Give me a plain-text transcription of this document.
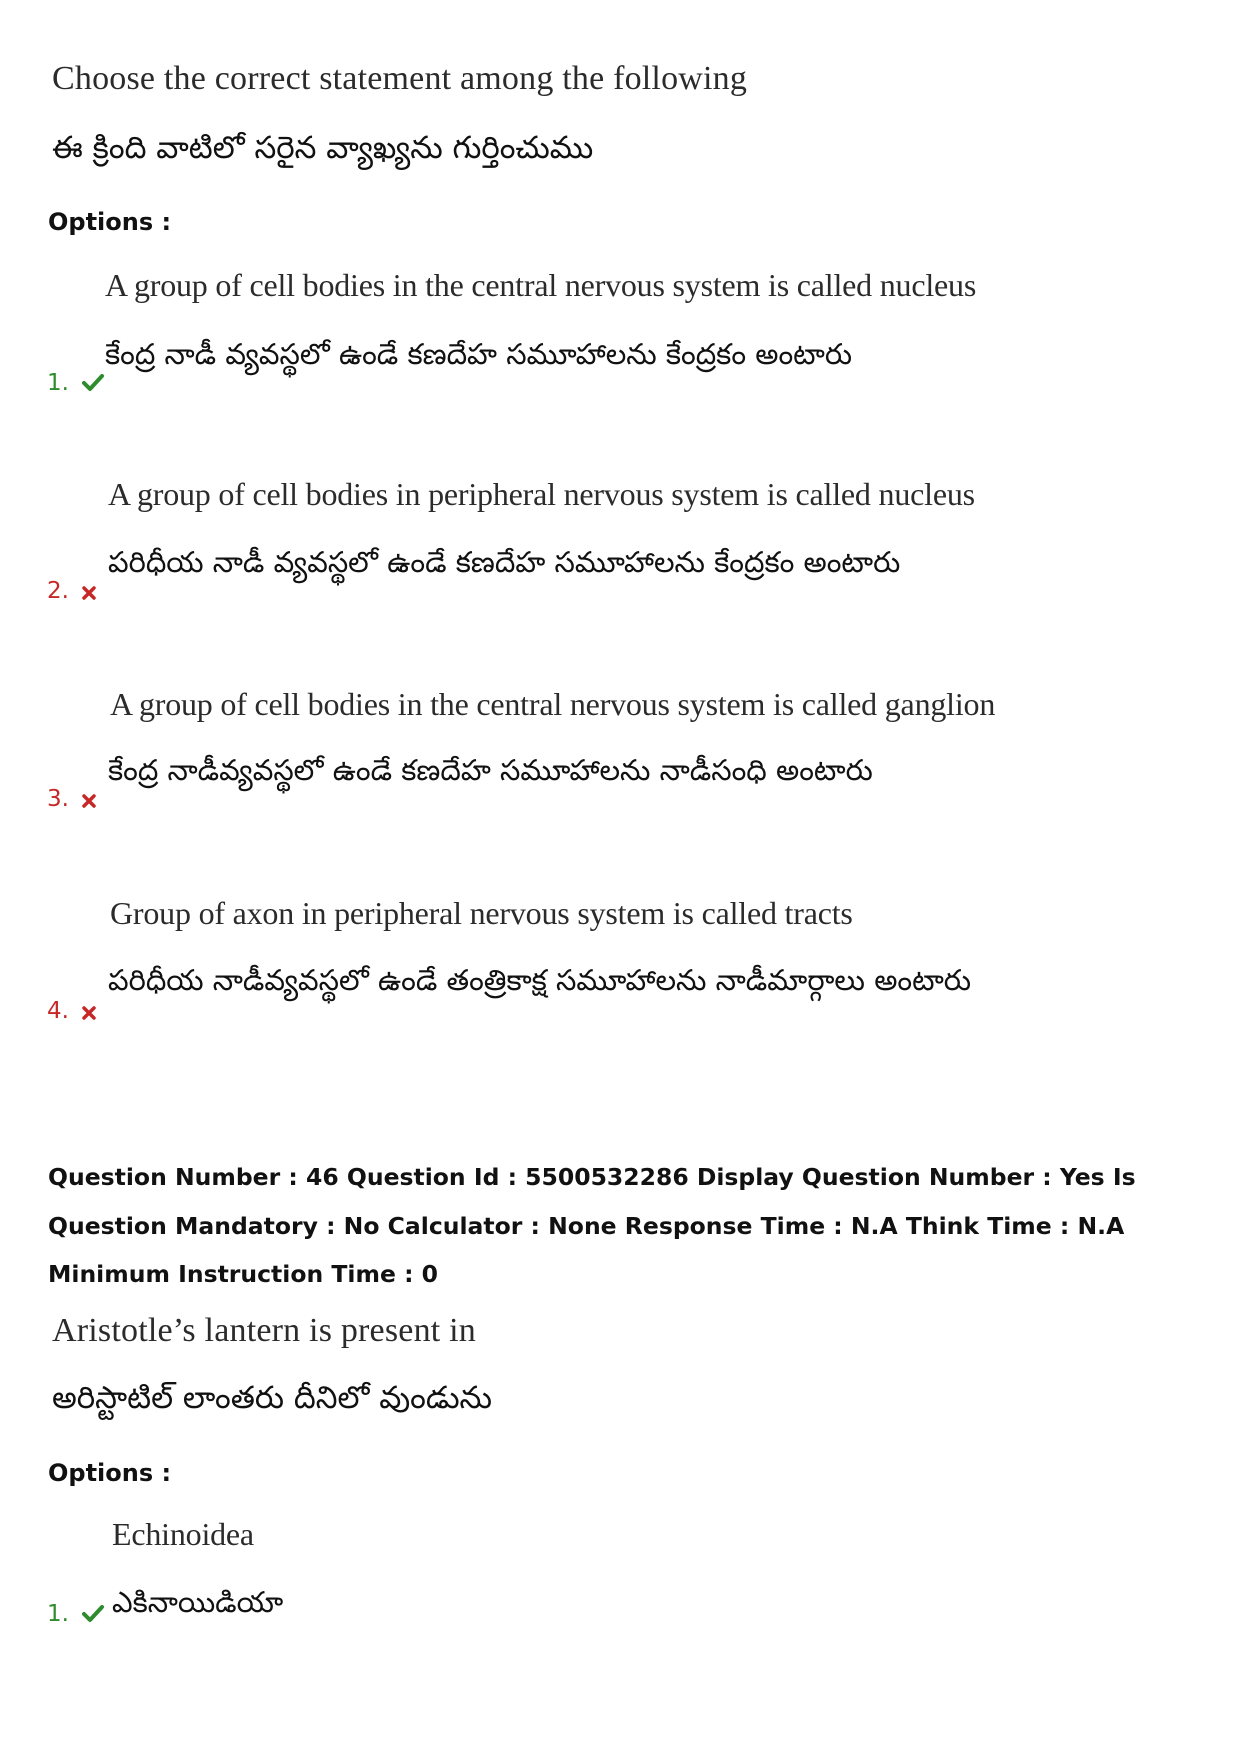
Choose the correct statement among the following
ఈ క్రింది వాటిలో సరైన వ్యాఖ్యను గుర్తించుము
Options :
A group of cell bodies in the central nervous system is called nucleus
కేంద్ర నాడీ వ్యవస్థలో ఉండే కణదేహ సమూహాలను కేంద్రకం అంటారు
1.
A group of cell bodies in peripheral nervous system is called nucleus
పరిధీయ నాడీ వ్యవస్థలో ఉండే కణదేహ సమూహాలను కేంద్రకం అంటారు
2.
A group of cell bodies in the central nervous system is called ganglion
కేంద్ర నాడీవ్యవస్థలో ఉండే కణదేహ సమూహాలను నాడీసంధి అంటారు
3.
Group of axon in peripheral nervous system is called tracts
పరిధీయ నాడీవ్యవస్థలో ఉండే తంత్రికాక్ష సమూహాలను నాడీమార్గాలు అంటారు
4.
Question Number : 46 Question Id : 5500532286 Display Question Number : Yes Is Question Mandatory : No Calculator : None Response Time : N.A Think Time : N.A Minimum Instruction Time : 0
Aristotle’s lantern is present in
అరిస్టాటిల్ లాంతరు దీనిలో వుండును
Options :
Echinoidea
ఎకినాయిడియా
1.
